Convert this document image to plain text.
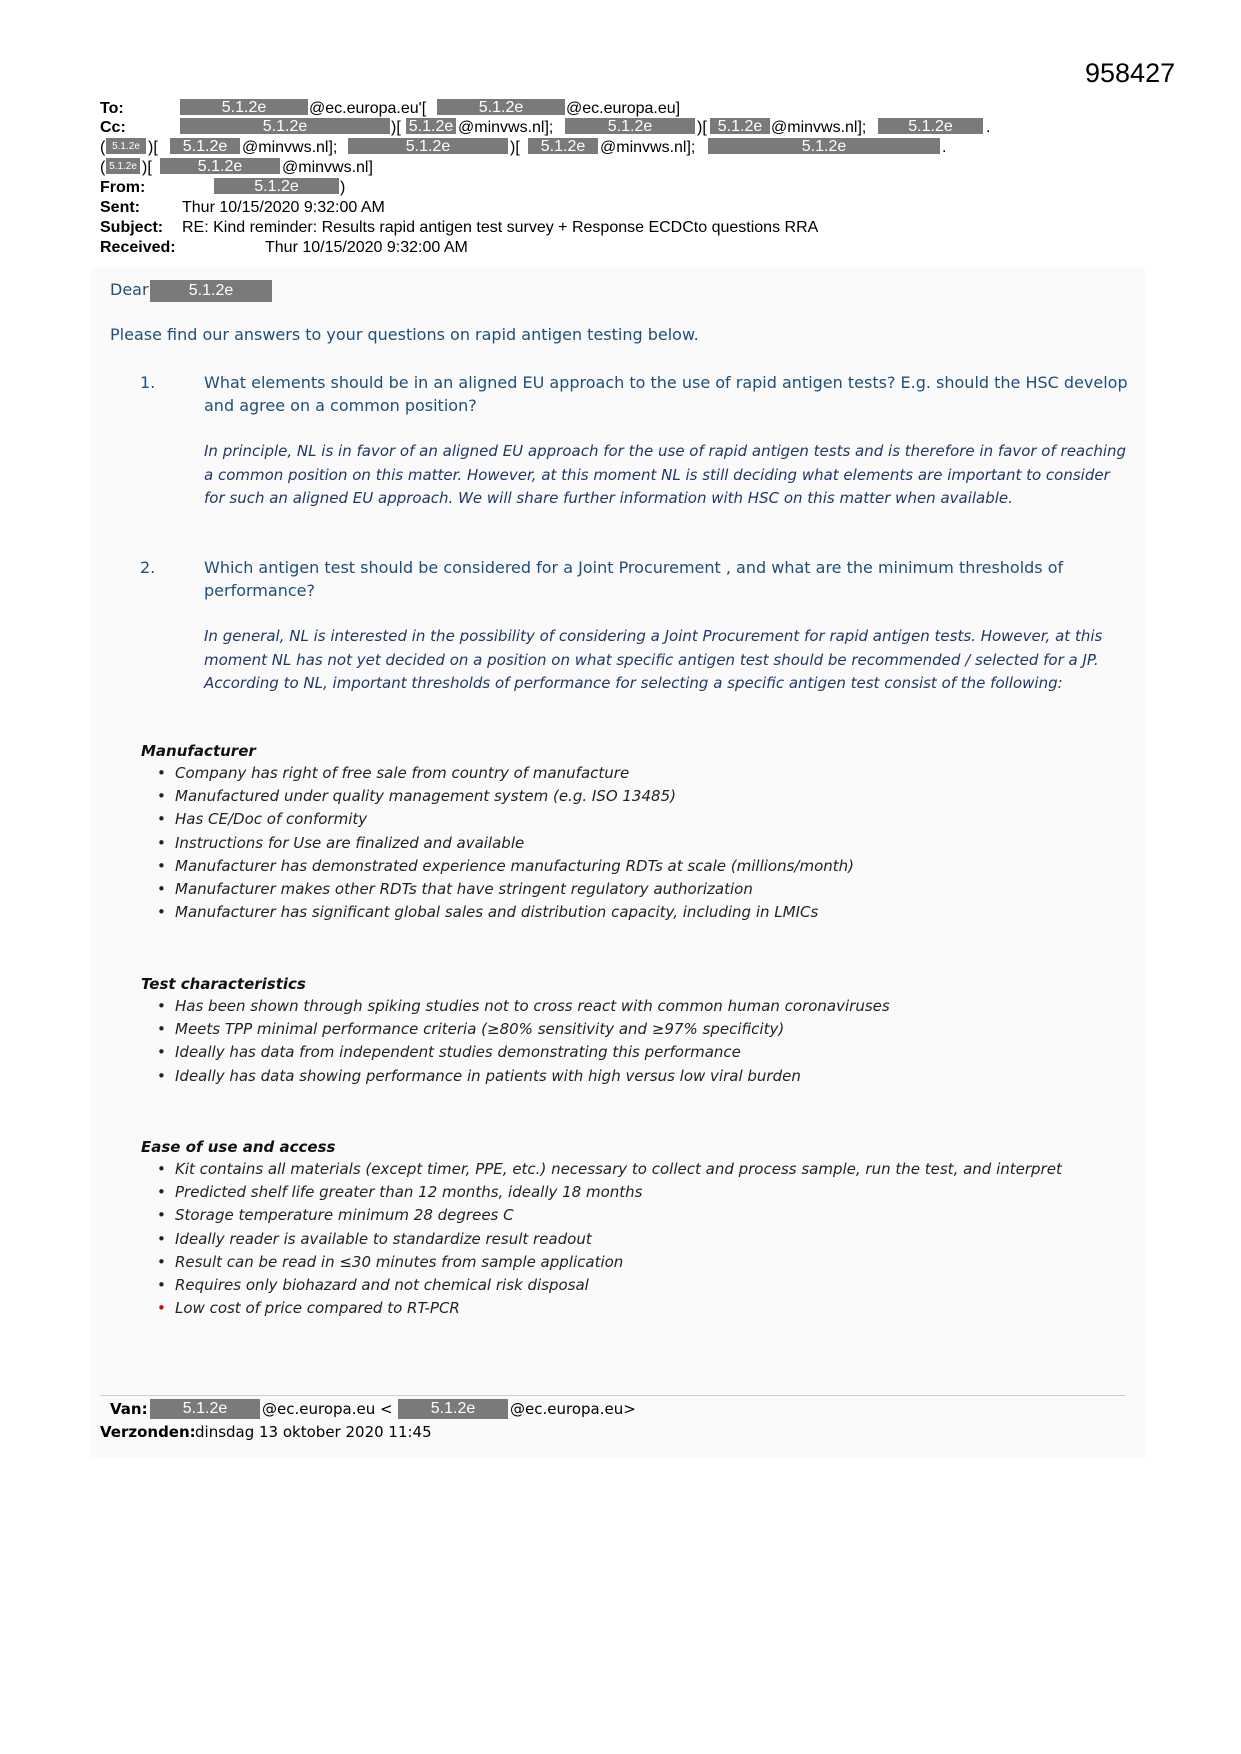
958427
To:	5.1.2e	@ec.europa.eu'[	5.1.2e	@ec.europa.eu]
Cc:	5.1.2e	)[ 5.1.2e @minvws.nl];	5.1.2e	)[ 5.1.2e @minvws.nl];	5.1.2e	.
( 5.1.2e )[	5.1.2e @minvws.nl];	5.1.2e	)[	5.1.2e @minvws.nl];	5.1.2e	.
( 5.1.2e )[	5.1.2e	@minvws.nl]
From:	5.1.2e	)
Sent:	Thur 10/15/2020 9:32:00 AM
Subject: RE: Kind reminder: Results rapid antigen test survey + Response ECDCto questions RRA
Received:	Thur 10/15/2020 9:32:00 AM
Dear	5.1.2e
Please find our answers to your questions on rapid antigen testing below.
1.	What elements should be in an aligned EU approach to the use of rapid antigen tests? E.g. should the HSC develop and agree on a common position?
In principle, NL is in favor of an aligned EU approach for the use of rapid antigen tests and is therefore in favor of reaching a common position on this matter. However, at this moment NL is still deciding what elements are important to consider for such an aligned EU approach. We will share further information with HSC on this matter when available.
2.	Which antigen test should be considered for a Joint Procurement , and what are the minimum thresholds of performance?
In general, NL is interested in the possibility of considering a Joint Procurement for rapid antigen tests. However, at this moment NL has not yet decided on a position on what specific antigen test should be recommended / selected for a JP. According to NL, important thresholds of performance for selecting a specific antigen test consist of the following:
Manufacturer
• Company has right of free sale from country of manufacture
• Manufactured under quality management system (e.g. ISO 13485)
• Has CE/Doc of conformity
• Instructions for Use are finalized and available
• Manufacturer has demonstrated experience manufacturing RDTs at scale (millions/month)
• Manufacturer makes other RDTs that have stringent regulatory authorization
• Manufacturer has significant global sales and distribution capacity, including in LMICs
Test characteristics
• Has been shown through spiking studies not to cross react with common human coronaviruses
• Meets TPP minimal performance criteria (≥80% sensitivity and ≥97% specificity)
• Ideally has data from independent studies demonstrating this performance
• Ideally has data showing performance in patients with high versus low viral burden
Ease of use and access
• Kit contains all materials (except timer, PPE, etc.) necessary to collect and process sample, run the test, and interpret
• Predicted shelf life greater than 12 months, ideally 18 months
• Storage temperature minimum 28 degrees C
• Ideally reader is available to standardize result readout
• Result can be read in ≤30 minutes from sample application
• Requires only biohazard and not chemical risk disposal
• Low cost of price compared to RT-PCR
Van:	5.1.2e	@ec.europa.eu <	5.1.2e	@ec.europa.eu>
Verzonden: dinsdag 13 oktober 2020 11:45
